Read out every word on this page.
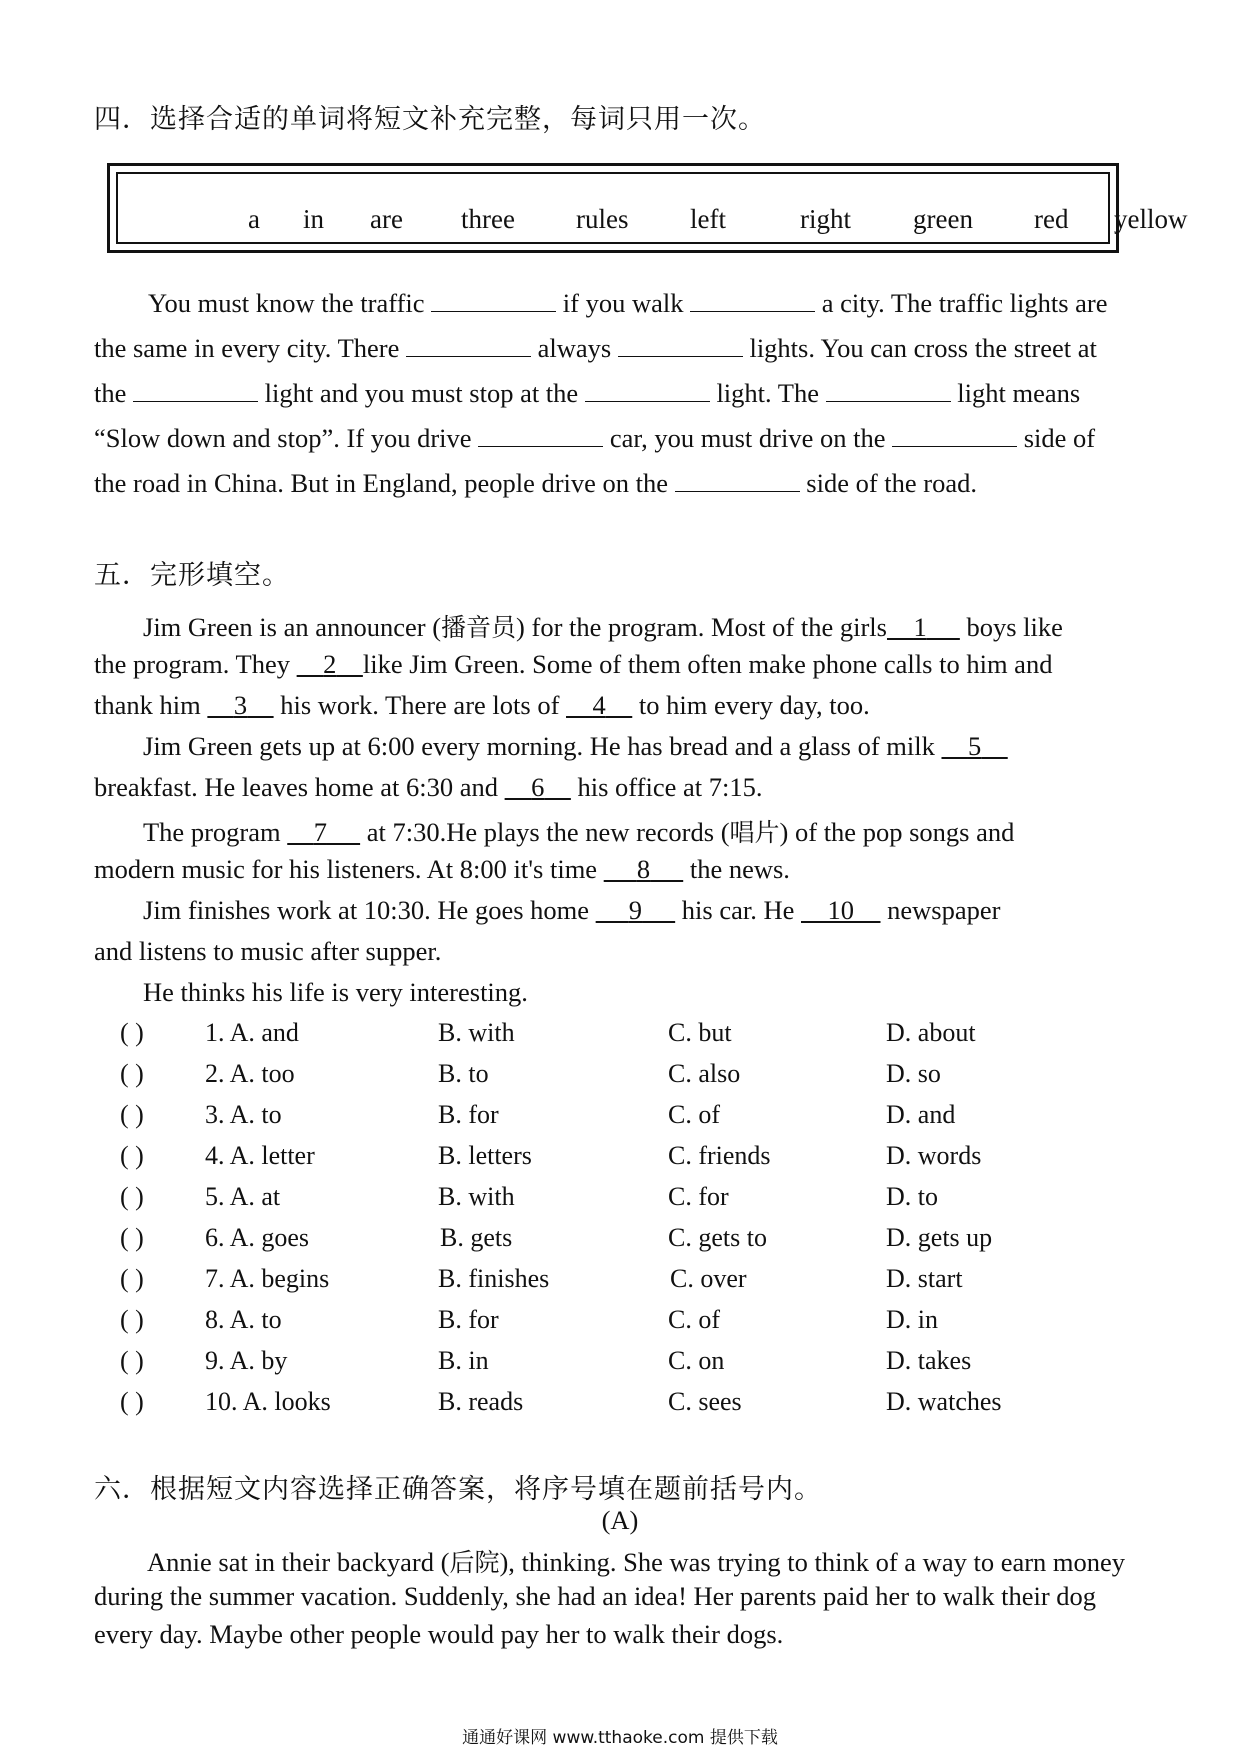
四．选择合适的单词将短文补充完整，每词只用一次。
a in are three rules left	right green red yellow
You must know the traffic	if you walk	a city. The traffic lights are
the same in every city. There	always	lights. You can cross the street at
the	light and you must stop at the	light. The	light means
“Slow down and stop”. If you drive	car, you must drive on the	side of
the road in China. But in England, people drive on the	side of the road.
五．完形填空。
Jim Green is an announcer (播音员) for the program. Most of the girls 1 boys like
the program. They 2 like Jim Green. Some of them often make phone calls to him and
thank him 3 his work. There are lots of 4 to him every day, too.
Jim Green gets up at 6:00 every morning. He has bread and a glass of milk 5
breakfast. He leaves home at 6:30 and 6 his office at 7:15.
The program 7 at 7:30.He plays the new records (唱片) of the pop songs and
modern music for his listeners. At 8:00 it's time 8 the news.
Jim finishes work at 10:30. He goes home 9 his car. He 10 newspaper
and listens to music after supper.
He thinks his life is very interesting.
( ) 1. A. and	B. with	C. but	D. about
( ) 2. A. too	B. to	C. also	D. so
( ) 3. A. to	B. for	C. of	D. and
( ) 4. A. letter	B. letters	C. friends	D. words
( ) 5. A. at	B. with	C. for	D. to
( ) 6. A. goes	B. gets	C. gets to	D. gets up
( ) 7. A. begins	B. finishes	C. over	D. start
( ) 8. A. to	B. for	C. of	D. in
( ) 9. A. by	B. in	C. on	D. takes
( ) 10. A. looks	B. reads	C. sees	D. watches
六．根据短文内容选择正确答案，将序号填在题前括号内。
(A)
Annie sat in their backyard (后院), thinking. She was trying to think of a way to earn money
during the summer vacation. Suddenly, she had an idea! Her parents paid her to walk their dog
every day. Maybe other people would pay her to walk their dogs.
通通好课网 www.tthaoke.com 提供下载
